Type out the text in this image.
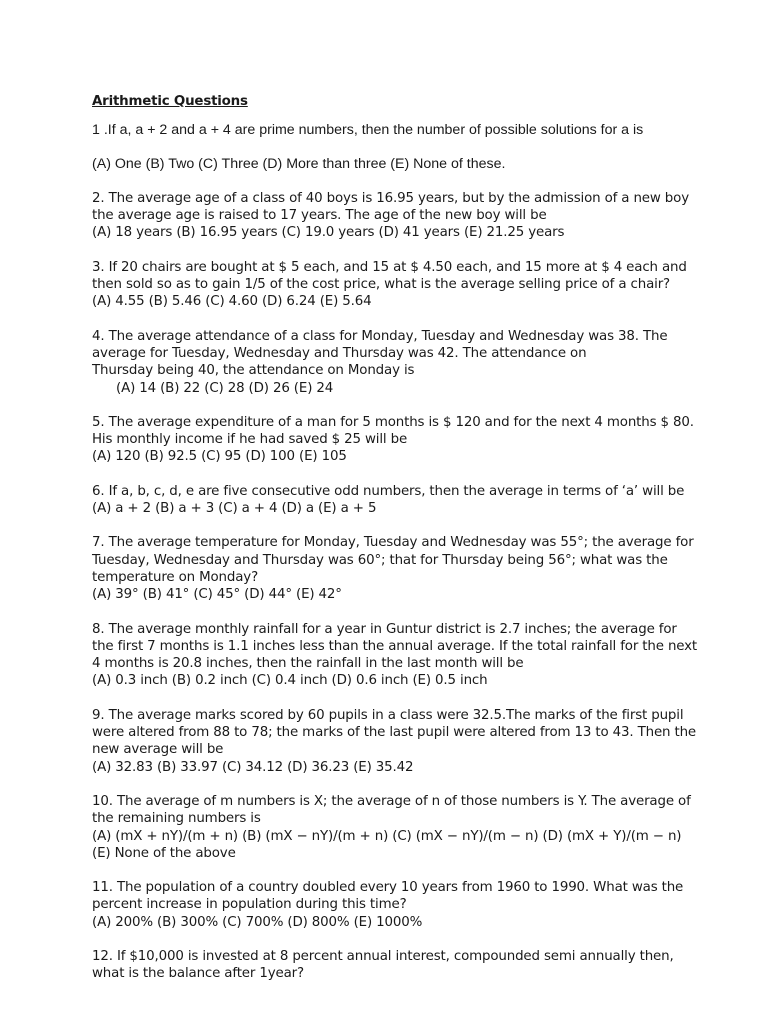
Arithmetic Questions
1 .If a, a + 2 and a + 4 are prime numbers, then the number of possible solutions for a is
(A) One (B) Two (C) Three (D) More than three (E) None of these.
2. The average age of a class of 40 boys is 16.95 years, but by the admission of a new boy
the average age is raised to 17 years. The age of the new boy will be
(A) 18 years (B) 16.95 years (C) 19.0 years (D) 41 years (E) 21.25 years
3. If 20 chairs are bought at $ 5 each, and 15 at $ 4.50 each, and 15 more at $ 4 each and
then sold so as to gain 1/5 of the cost price, what is the average selling price of a chair?
(A) 4.55 (B) 5.46 (C) 4.60 (D) 6.24 (E) 5.64
4. The average attendance of a class for Monday, Tuesday and Wednesday was 38. The
average for Tuesday, Wednesday and Thursday was 42. The attendance on
Thursday being 40, the attendance on Monday is
(A) 14 (B) 22 (C) 28 (D) 26 (E) 24
5. The average expenditure of a man for 5 months is $ 120 and for the next 4 months $ 80.
His monthly income if he had saved $ 25 will be
(A) 120 (B) 92.5 (C) 95 (D) 100 (E) 105
6. If a, b, c, d, e are five consecutive odd numbers, then the average in terms of ‘a’ will be
(A) a + 2 (B) a + 3 (C) a + 4 (D) a (E) a + 5
7. The average temperature for Monday, Tuesday and Wednesday was 55°; the average for
Tuesday, Wednesday and Thursday was 60°; that for Thursday being 56°; what was the
temperature on Monday?
(A) 39° (B) 41° (C) 45° (D) 44° (E) 42°
8. The average monthly rainfall for a year in Guntur district is 2.7 inches; the average for
the first 7 months is 1.1 inches less than the annual average. If the total rainfall for the next
4 months is 20.8 inches, then the rainfall in the last month will be
(A) 0.3 inch (B) 0.2 inch (C) 0.4 inch (D) 0.6 inch (E) 0.5 inch
9. The average marks scored by 60 pupils in a class were 32.5.The marks of the first pupil
were altered from 88 to 78; the marks of the last pupil were altered from 13 to 43. Then the
new average will be
(A) 32.83 (B) 33.97 (C) 34.12 (D) 36.23 (E) 35.42
10. The average of m numbers is X; the average of n of those numbers is Y. The average of
the remaining numbers is
(A) (mX + nY)/(m + n) (B) (mX − nY)/(m + n) (C) (mX − nY)/(m − n) (D) (mX + Y)/(m − n)
(E) None of the above
11. The population of a country doubled every 10 years from 1960 to 1990. What was the
percent increase in population during this time?
(A) 200% (B) 300% (C) 700% (D) 800% (E) 1000%
12. If $10,000 is invested at 8 percent annual interest, compounded semi annually then,
what is the balance after 1year?
